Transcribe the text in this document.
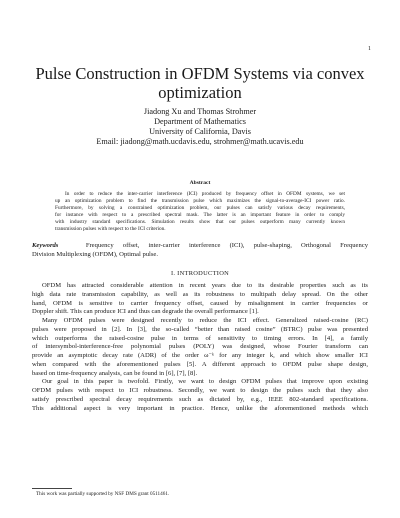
1
Pulse Construction in OFDM Systems via convex
optimization
Jiadong Xu and Thomas Strohmer
Department of Mathematics
University of California, Davis
Email: jiadong@math.ucdavis.edu, strohmer@math.ucavis.edu
Abstract
In order to reduce the inter-carrier interference (ICI) produced by frequency offset in OFDM systems, we set
up an optimization problem to find the transmission pulse which maximizes the signal-to-average-ICI power ratio.
Furthermore, by solving a constrained optimization problem, our pulses can satisfy various decay requirements,
for instance with respect to a prescribed spectral mask. The latter is an important feature in order to comply
with industry standard specifications. Simulation results show that our pulses outperform many currently known
transmission pulses with respect to the ICI criterion.
Keywords	Frequency offset, inter-carrier interference (ICI), pulse-shaping, Orthogonal Frequency
Division Multiplexing (OFDM), Optimal pulse.
I. INTRODUCTION
OFDM has attracted considerable attention in recent years due to its desirable properties such as its
high data rate transmission capability, as well as its robustness to multipath delay spread. On the other
hand, OFDM is sensitive to carrier frequency offset, caused by misalignment in carrier frequencies or
Doppler shift. This can produce ICI and thus can degrade the overall performance [1].
Many OFDM pulses were designed recently to reduce the ICI effect. Generalized raised-cosine (RC)
pulses were proposed in [2]. In [3], the so-called “better than raised cosine” (BTRC) pulse was presented
which outperforms the raised-cosine pulse in terms of sensitivity to timing errors. In [4], a family
of intersymbol-interference-free polynomial pulses (POLY) was designed, whose Fourier transform can
provide an asymptotic decay rate (ADR) of the order ω⁻ᵏ for any integer k, and which show smaller ICI
when compared with the aforementioned pulses [5]. A different approach to OFDM pulse shape design,
based on time-frequency analysis, can be found in [6], [7], [8].
Our goal in this paper is twofold. Firstly, we want to design OFDM pulses that improve upon existing
OFDM pulses with respect to ICI robustness. Secondly, we want to design the pulses such that they also
satisfy prescribed spectral decay requirements such as dictated by, e.g., IEEE 802-standard specifications.
This additional aspect is very important in practice. Hence, unlike the aforementioned methods which
This work was partially supported by NSF DMS grant 0511461.
